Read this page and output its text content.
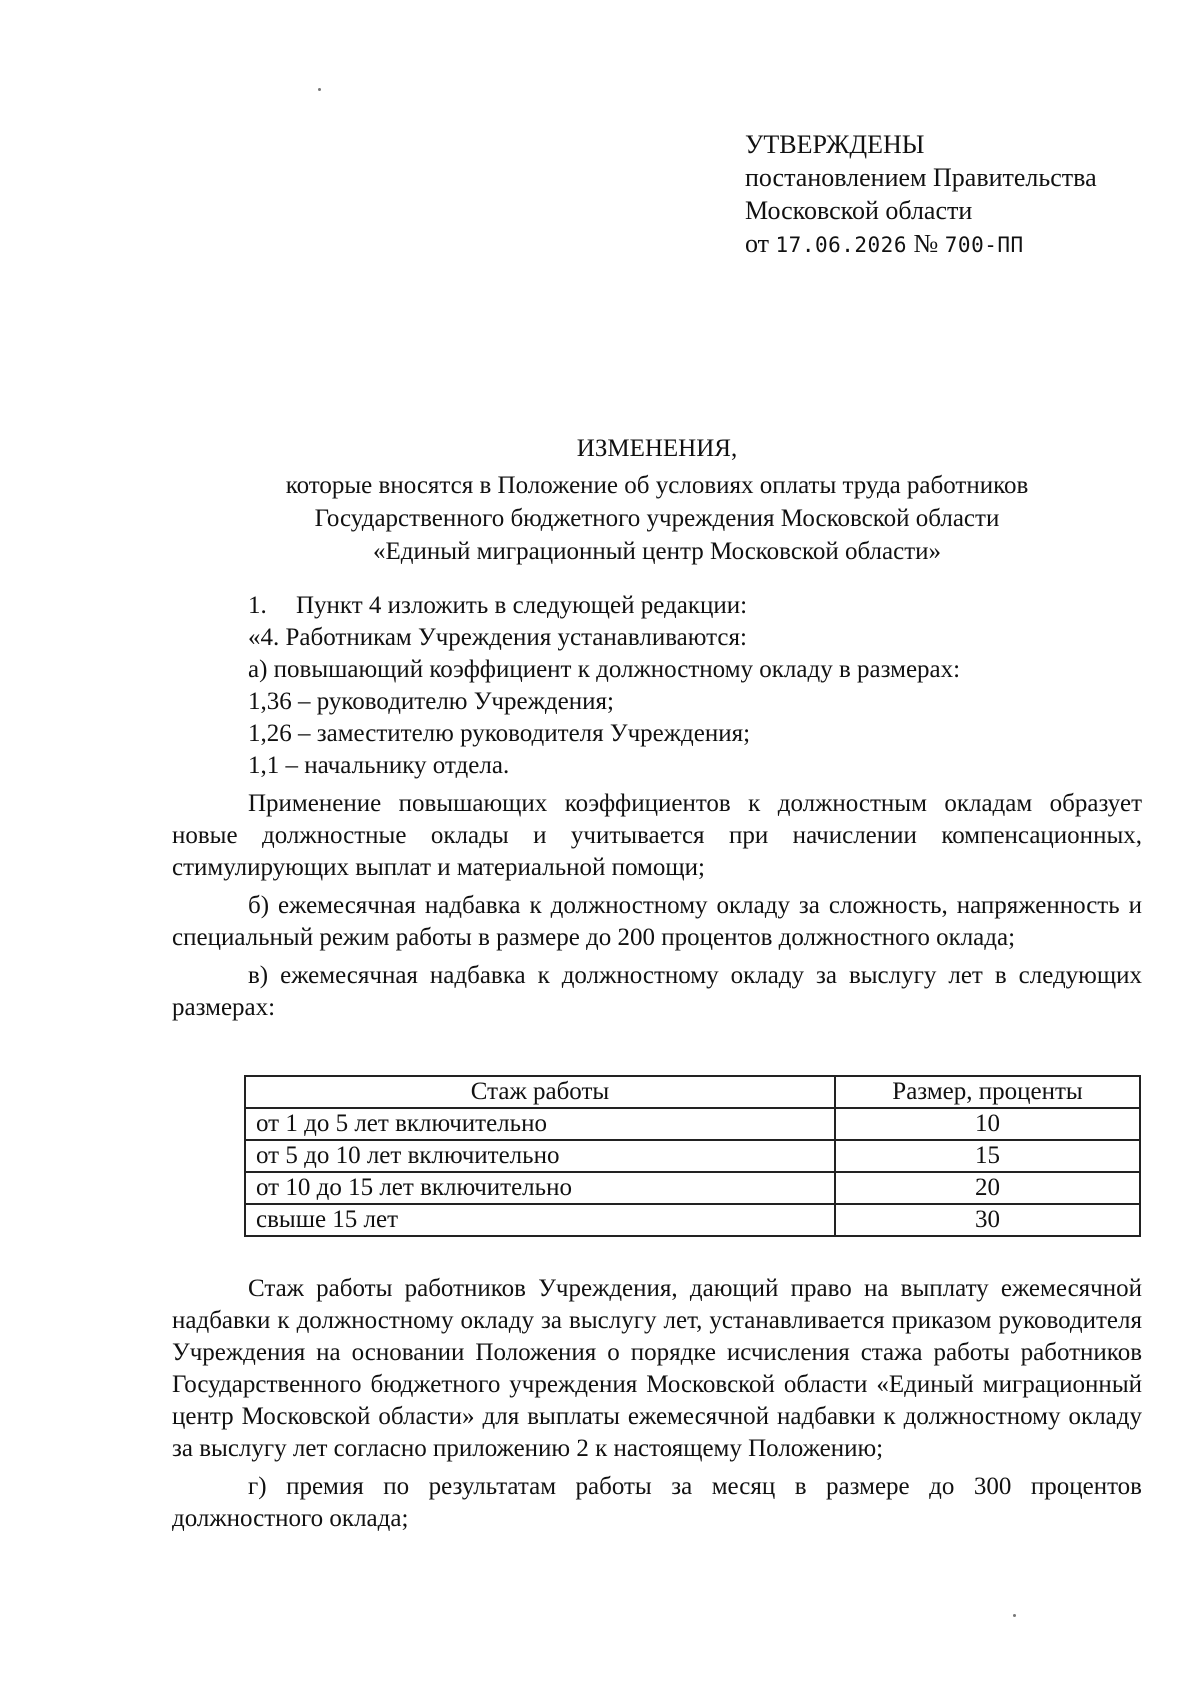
УТВЕРЖДЕНЫ
постановлением Правительства
Московской области
от 17.06.2026 № 700-ПП
ИЗМЕНЕНИЯ,
которые вносятся в Положение об условиях оплаты труда работников
Государственного бюджетного учреждения Московской области
«Единый миграционный центр Московской области»

1. Пункт 4 изложить в следующей редакции:

«4. Работникам Учреждения устанавливаются:

а) повышающий коэффициент к должностному окладу в размерах:

1,36 – руководителю Учреждения;

1,26 – заместителю руководителя Учреждения;

1,1 – начальнику отдела.

Применение повышающих коэффициентов к должностным окладам образует новые должностные оклады и учитывается при начислении компенсационных, стимулирующих выплат и материальной помощи;

б) ежемесячная надбавка к должностному окладу за сложность, напряженность и специальный режим работы в размере до 200 процентов должностного оклада;

в) ежемесячная надбавка к должностному окладу за выслугу лет в следующих размерах:

Стаж работы	Размер, проценты
от 1 до 5 лет включительно	10
от 5 до 10 лет включительно	15
от 10 до 15 лет включительно	20
свыше 15 лет	30

Стаж работы работников Учреждения, дающий право на выплату ежемесячной надбавки к должностному окладу за выслугу лет, устанавливается приказом руководителя Учреждения на основании Положения о порядке исчисления стажа работы работников Государственного бюджетного учреждения Московской области «Единый миграционный центр Московской области» для выплаты ежемесячной надбавки к должностному окладу за выслугу лет согласно приложению 2 к настоящему Положению;

г) премия по результатам работы за месяц в размере до 300 процентов должностного оклада;
